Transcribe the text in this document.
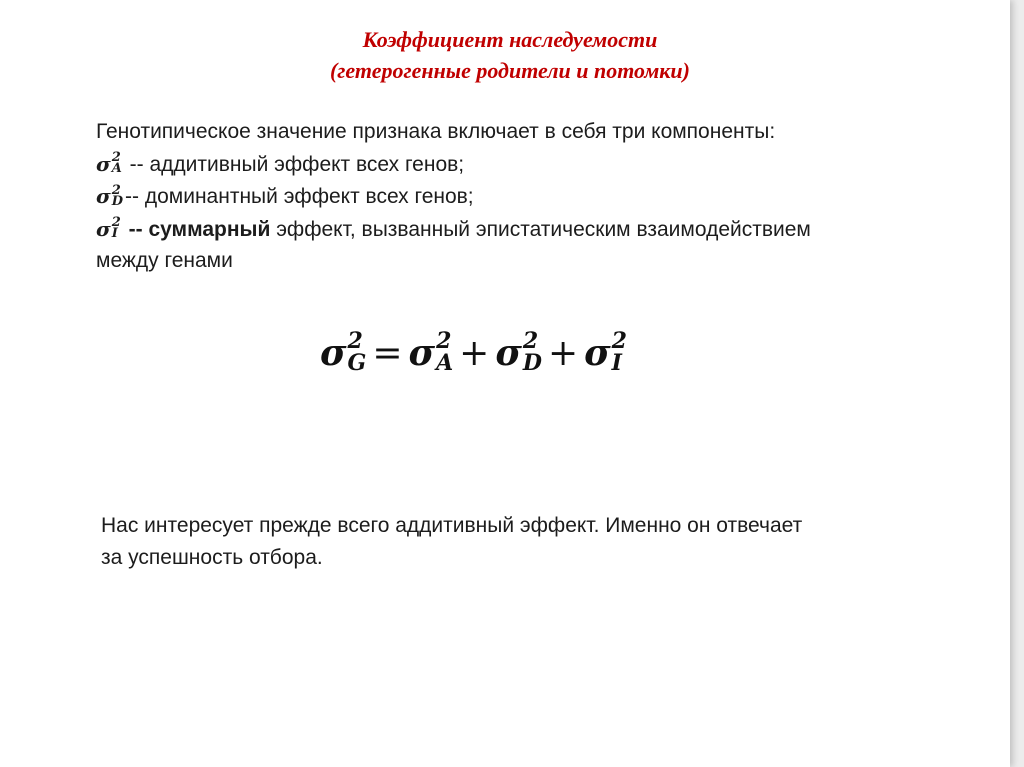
Коэффициент наследуемости
(гетерогенные родители и потомки)
Генотипическое значение признака включает в себя три компоненты:
σ 2
A -- аддитивный эффект всех генов;
σ 2
D -- доминантный эффект всех генов;
σ 2
I -- суммарный эффект, вызванный эпистатическим взаимодействием
между генами
σ 2
G = σ 2
A + σ 2
D + σ 2
I
Нас интересует прежде всего аддитивный эффект. Именно он отвечает
за успешность отбора.
